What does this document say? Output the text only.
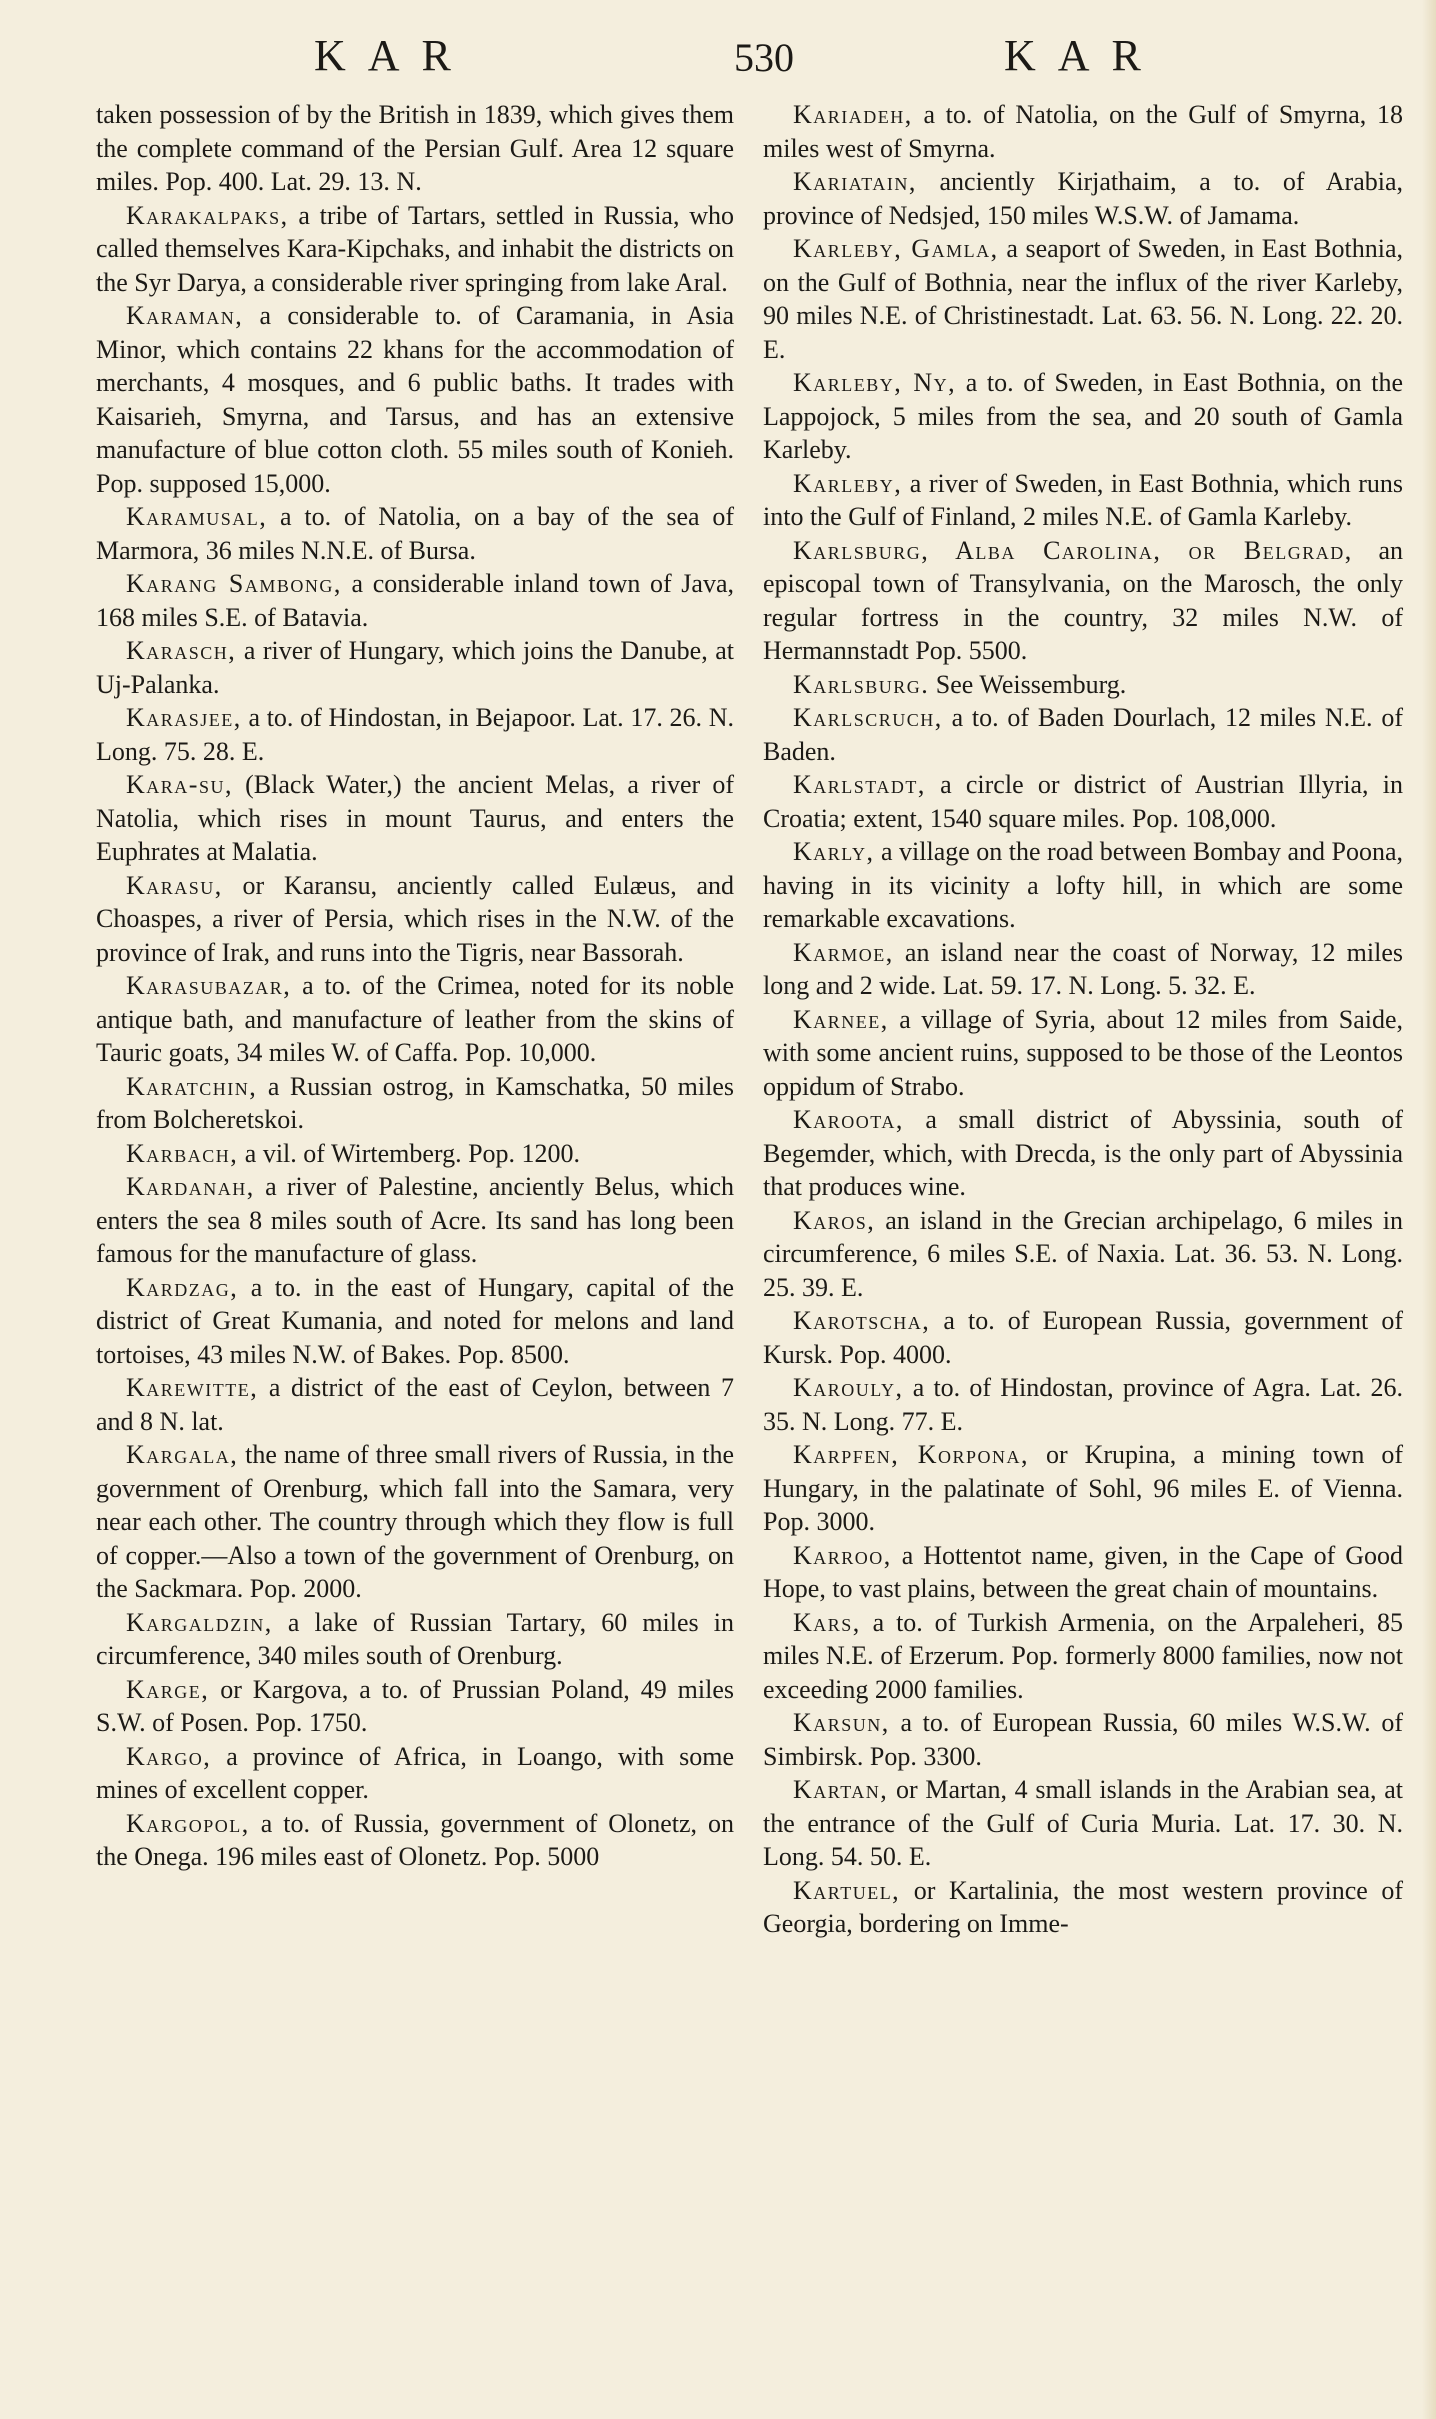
KAR	530	KAR

taken possession of by the British in 1839, which gives them the complete command of the Persian Gulf. Area 12 square miles. Pop. 400. Lat. 29. 13. N.

Karakalpaks, a tribe of Tartars, settled in Russia, who called themselves Kara-Kipchaks, and inhabit the districts on the Syr Darya, a considerable river springing from lake Aral.

Karaman, a considerable to. of Caramania, in Asia Minor, which contains 22 khans for the accommodation of merchants, 4 mosques, and 6 public baths. It trades with Kaisarieh, Smyrna, and Tarsus, and has an extensive manufacture of blue cotton cloth. 55 miles south of Konieh. Pop. supposed 15,000.

Karamusal, a to. of Natolia, on a bay of the sea of Marmora, 36 miles N.N.E. of Bursa.

Karang Sambong, a considerable inland town of Java, 168 miles S.E. of Batavia.

Karasch, a river of Hungary, which joins the Danube, at Uj-Palanka.

Karasjee, a to. of Hindostan, in Bejapoor. Lat. 17. 26. N. Long. 75. 28. E.

Kara-su, (Black Water,) the ancient Melas, a river of Natolia, which rises in mount Taurus, and enters the Euphrates at Malatia.

Karasu, or Karansu, anciently called Eulæus, and Choaspes, a river of Persia, which rises in the N.W. of the province of Irak, and runs into the Tigris, near Bassorah.

Karasubazar, a to. of the Crimea, noted for its noble antique bath, and manufacture of leather from the skins of Tauric goats, 34 miles W. of Caffa. Pop. 10,000.

Karatchin, a Russian ostrog, in Kamschatka, 50 miles from Bolcheretskoi.

Karbach, a vil. of Wirtemberg. Pop. 1200.

Kardanah, a river of Palestine, anciently Belus, which enters the sea 8 miles south of Acre. Its sand has long been famous for the manufacture of glass.

Kardzag, a to. in the east of Hungary, capital of the district of Great Kumania, and noted for melons and land tortoises, 43 miles N.W. of Bakes. Pop. 8500.

Karewitte, a district of the east of Ceylon, between 7 and 8 N. lat.

Kargala, the name of three small rivers of Russia, in the government of Orenburg, which fall into the Samara, very near each other. The country through which they flow is full of copper.—Also a town of the government of Orenburg, on the Sackmara. Pop. 2000.

Kargaldzin, a lake of Russian Tartary, 60 miles in circumference, 340 miles south of Orenburg.

Karge, or Kargova, a to. of Prussian Poland, 49 miles S.W. of Posen. Pop. 1750.

Kargo, a province of Africa, in Loango, with some mines of excellent copper.

Kargopol, a to. of Russia, government of Olonetz, on the Onega. 196 miles east of Olonetz. Pop. 5000

Kariadeh, a to. of Natolia, on the Gulf of Smyrna, 18 miles west of Smyrna.

Kariatain, anciently Kirjathaim, a to. of Arabia, province of Nedsjed, 150 miles W.S.W. of Jamama.

Karleby, Gamla, a seaport of Sweden, in East Bothnia, on the Gulf of Bothnia, near the influx of the river Karleby, 90 miles N.E. of Christinestadt. Lat. 63. 56. N. Long. 22. 20. E.

Karleby, Ny, a to. of Sweden, in East Bothnia, on the Lappojock, 5 miles from the sea, and 20 south of Gamla Karleby.

Karleby, a river of Sweden, in East Bothnia, which runs into the Gulf of Finland, 2 miles N.E. of Gamla Karleby.

Karlsburg, Alba Carolina, or Belgrad, an episcopal town of Transylvania, on the Marosch, the only regular fortress in the country, 32 miles N.W. of Hermannstadt Pop. 5500.

Karlsburg. See Weissemburg.

Karlscruch, a to. of Baden Dourlach, 12 miles N.E. of Baden.

Karlstadt, a circle or district of Austrian Illyria, in Croatia; extent, 1540 square miles. Pop. 108,000.

Karly, a village on the road between Bombay and Poona, having in its vicinity a lofty hill, in which are some remarkable excavations.

Karmoe, an island near the coast of Norway, 12 miles long and 2 wide. Lat. 59. 17. N. Long. 5. 32. E.

Karnee, a village of Syria, about 12 miles from Saide, with some ancient ruins, supposed to be those of the Leontos oppidum of Strabo.

Karoota, a small district of Abyssinia, south of Begemder, which, with Drecda, is the only part of Abyssinia that produces wine.

Karos, an island in the Grecian archipelago, 6 miles in circumference, 6 miles S.E. of Naxia. Lat. 36. 53. N. Long. 25. 39. E.

Karotscha, a to. of European Russia, government of Kursk. Pop. 4000.

Karouly, a to. of Hindostan, province of Agra. Lat. 26. 35. N. Long. 77. E.

Karpfen, Korpona, or Krupina, a mining town of Hungary, in the palatinate of Sohl, 96 miles E. of Vienna. Pop. 3000.

Karroo, a Hottentot name, given, in the Cape of Good Hope, to vast plains, between the great chain of mountains.

Kars, a to. of Turkish Armenia, on the Arpaleheri, 85 miles N.E. of Erzerum. Pop. formerly 8000 families, now not exceeding 2000 families.

Karsun, a to. of European Russia, 60 miles W.S.W. of Simbirsk. Pop. 3300.

Kartan, or Martan, 4 small islands in the Arabian sea, at the entrance of the Gulf of Curia Muria. Lat. 17. 30. N. Long. 54. 50. E.

Kartuel, or Kartalinia, the most western province of Georgia, bordering on Imme-
